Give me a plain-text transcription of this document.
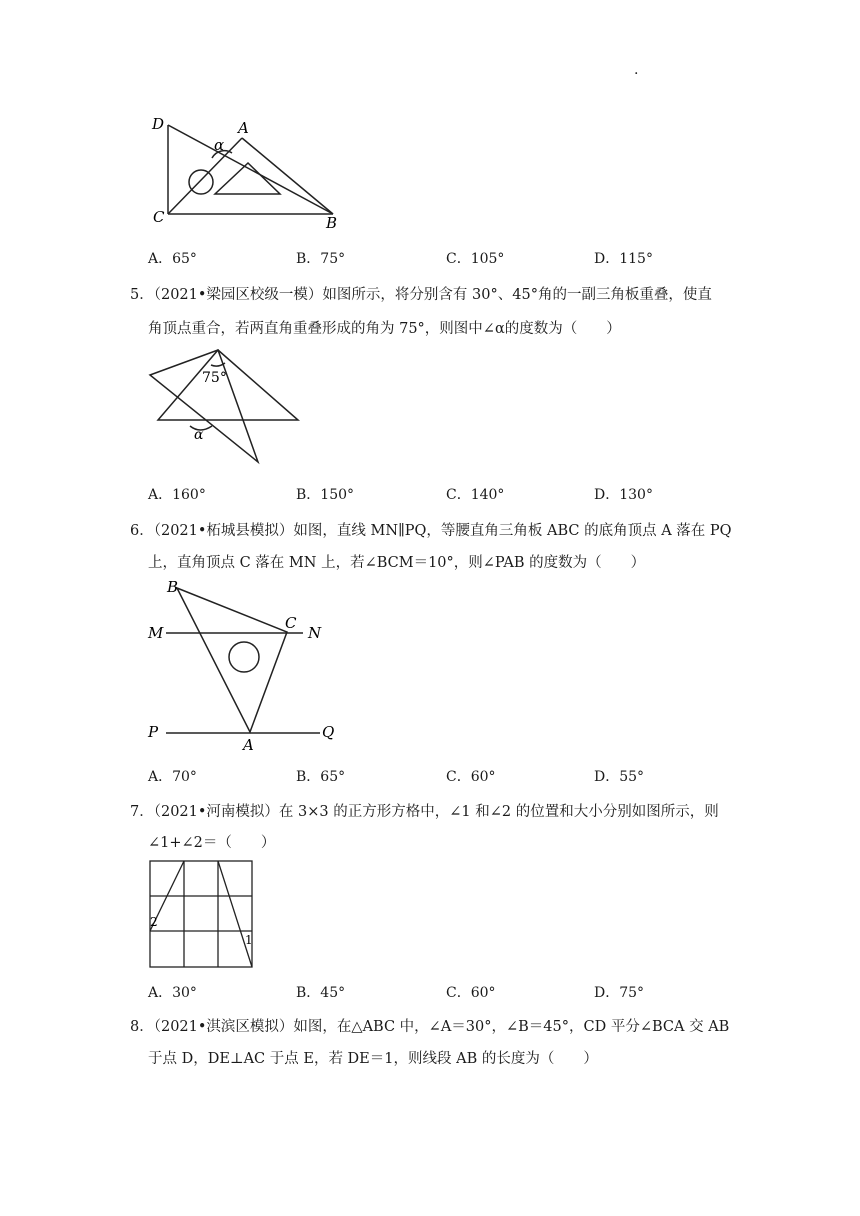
.
D	A
α
C	B
A．65°	B．75°	C．105°	D．115°
5．（2021•梁园区校级一模）如图所示，将分别含有 30°、45°角的一副三角板重叠，使直
角顶点重合，若两直角重叠形成的角为 75°，则图中∠α的度数为（　　）
75°
α
A．160°	B．150°	C．140°	D．130°
6．（2021•柘城县模拟）如图，直线 MN∥PQ，等腰直角三角板 ABC 的底角顶点 A 落在 PQ
上，直角顶点 C 落在 MN 上，若∠BCM＝10°，则∠PAB 的度数为（　　）
B
M
C
N
P
A
Q
A．70°	B．65°	C．60°	D．55°
7．（2021•河南模拟）在 3×3 的正方形方格中，∠1 和∠2 的位置和大小分别如图所示，则
∠1+∠2＝（　　）
2
1
A．30°	B．45°	C．60°	D．75°
8．（2021•淇滨区模拟）如图，在△ABC 中，∠A＝30°，∠B＝45°，CD 平分∠BCA 交 AB
于点 D，DE⊥AC 于点 E，若 DE＝1，则线段 AB 的长度为（　　）
